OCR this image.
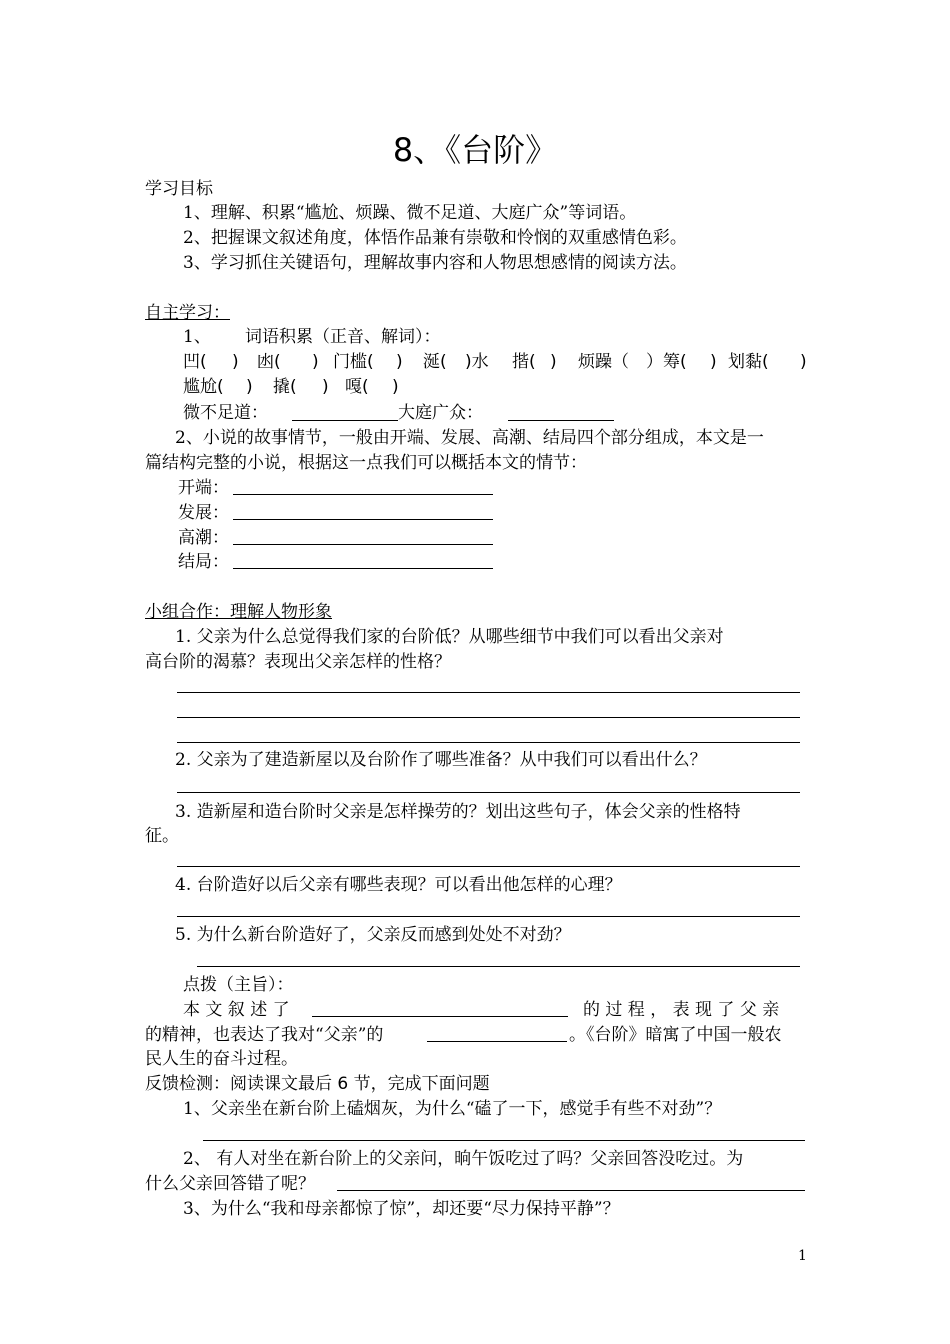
8、《台阶》
学习目标
1、理解、积累“尴尬、烦躁、微不足道、大庭广众”等词语。
2、把握课文叙述角度，体悟作品兼有崇敬和怜悯的双重感情色彩。
3、学习抓住关键语句，理解故事内容和人物思想感情的阅读方法。
自主学习：
1、 词语积累（正音、解词）：
凹( ) 凼( ) 门槛( ) 涎( )水 揩( ) 烦躁（ ）筹( ) 划黏( )
尴尬( ) 撬( ) 嘎( )
微不足道：	大庭广众：
2、小说的故事情节，一般由开端、发展、高潮、结局四个部分组成，本文是一
篇结构完整的小说，根据这一点我们可以概括本文的情节：
开端：
发展：
高潮：
结局：
小组合作：理解人物形象
1. 父亲为什么总觉得我们家的台阶低？从哪些细节中我们可以看出父亲对
高台阶的渴慕？表现出父亲怎样的性格？
2. 父亲为了建造新屋以及台阶作了哪些准备？从中我们可以看出什么？
3. 造新屋和造台阶时父亲是怎样操劳的？划出这些句子，体会父亲的性格特
征。
4. 台阶造好以后父亲有哪些表现？可以看出他怎样的心理？
5. 为什么新台阶造好了，父亲反而感到处处不对劲？
点拨（主旨）：
本 文 叙 述 了	的 过 程 ， 表 现 了 父 亲
的精神，也表达了我对“父亲”的	。《台阶》暗寓了中国一般农
民人生的奋斗过程。
反馈检测：阅读课文最后 6 节，完成下面问题
1、父亲坐在新台阶上磕烟灰，为什么“磕了一下，感觉手有些不对劲”？
2、 有人对坐在新台阶上的父亲问，晌午饭吃过了吗？父亲回答没吃过。为
什么父亲回答错了呢？
3、为什么“我和母亲都惊了惊”，却还要“尽力保持平静”？
1
